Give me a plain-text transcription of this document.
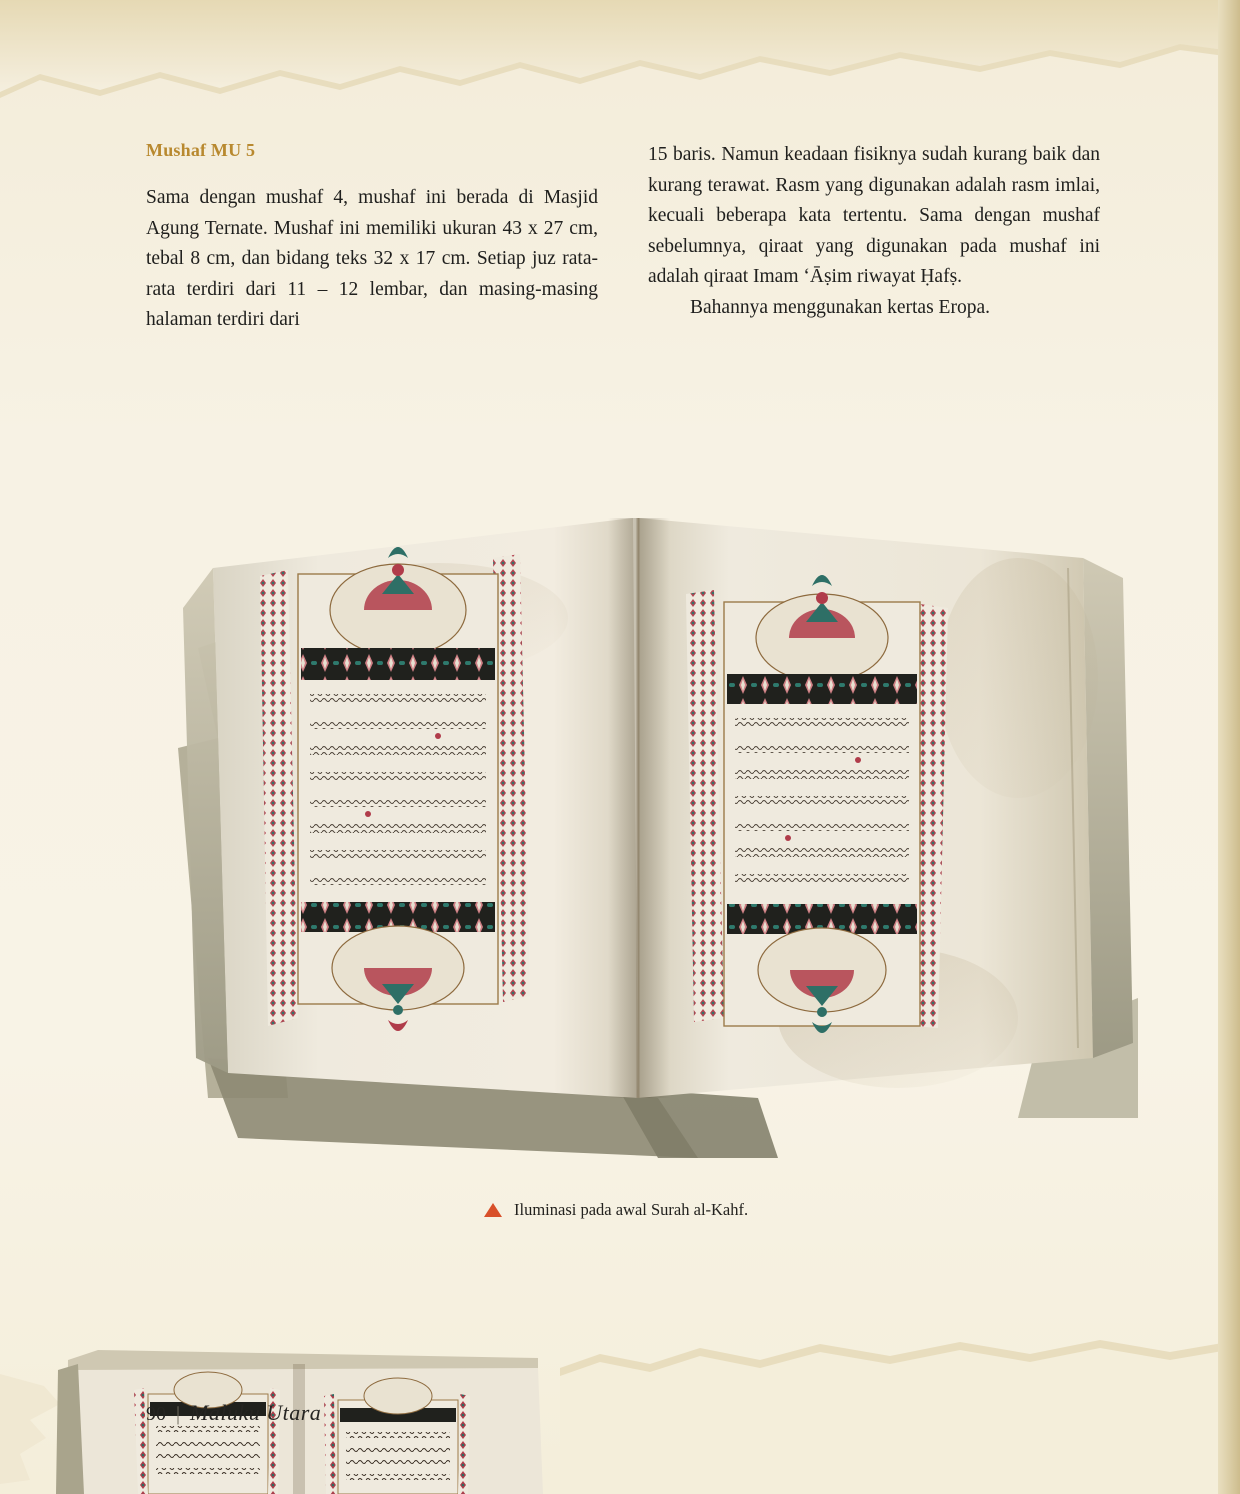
Mushaf MU 5

Sama dengan mushaf 4, mushaf ini berada di Masjid Agung Ternate. Mushaf ini memiliki ukuran 43 x 27 cm, tebal 8 cm, dan bidang teks 32 x 17 cm. Setiap juz rata-rata terdiri dari 11 – 12 lembar, dan masing-masing halaman terdiri dari

15 baris. Namun keadaan fisiknya sudah kurang baik dan kurang terawat. Rasm yang digunakan adalah rasm imlai, kecuali beberapa kata tertentu. Sama dengan mushaf sebelumnya, qiraat yang digunakan pada mushaf ini adalah qiraat Imam ‘Āṣim riwayat Ḥafṣ.

Bahannya menggunakan kertas Eropa.

Iluminasi pada awal Surah al-Kahf.
90 | Maluku Utara
